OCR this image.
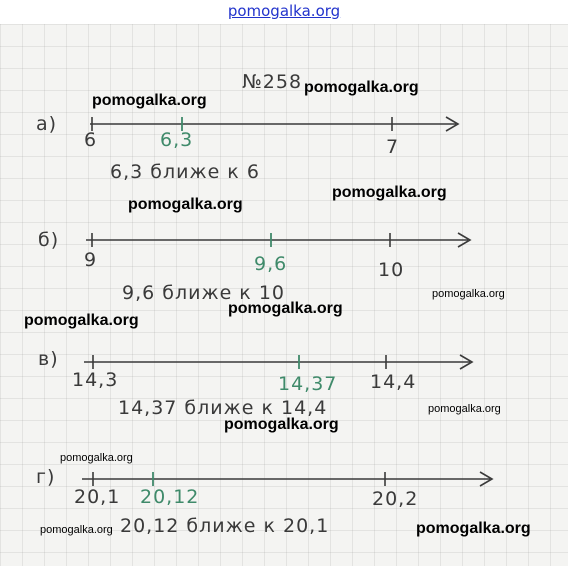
pomogalka.org
№258
а)
6	6,3	7
6,3 ближе к 6
б)
9	9,6	10
9,6 ближе к 10
в)
14,3	14,37 14,4
14,37 ближе к 14,4
г)
20,1 20,12	20,2
20,12 ближе к 20,1
pomogalka.org
pomogalka.org
pomogalka.org
pomogalka.org
pomogalka.org
pomogalka.org
pomogalka.org
pomogalka.org
pomogalka.org
pomogalka.org
pomogalka.org	pomogalka.org
